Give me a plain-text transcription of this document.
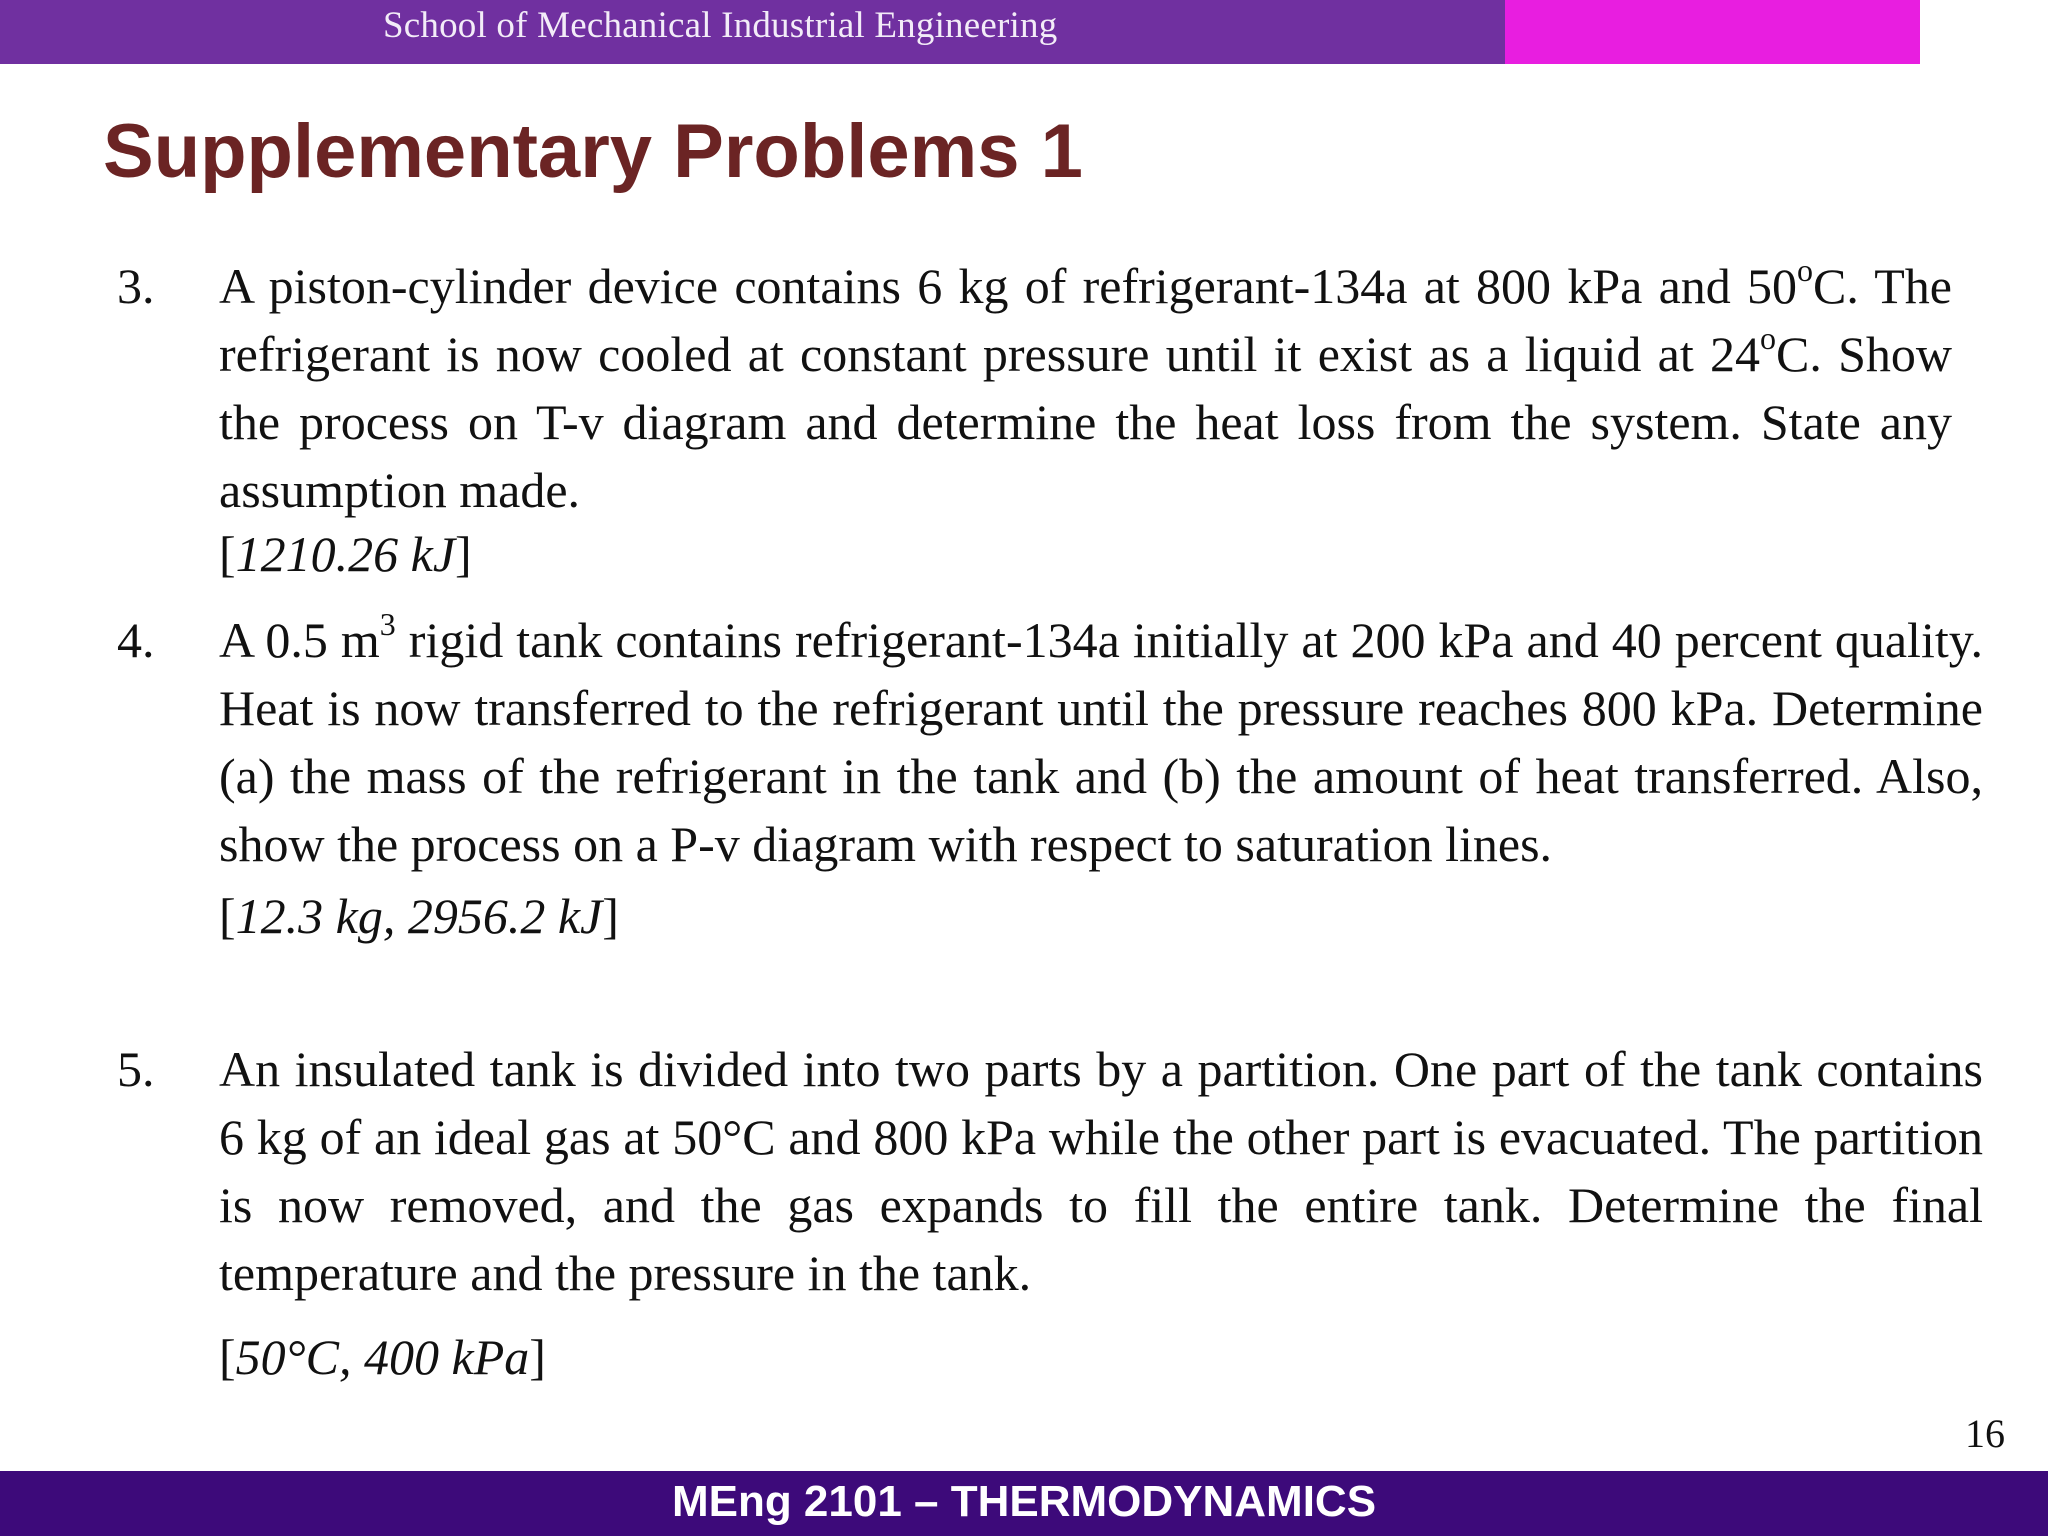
School of Mechanical Industrial Engineering
Supplementary Problems 1
3.	A piston-cylinder device contains 6 kg of refrigerant-134a at 800 kPa and 50$^o$C. The refrigerant is now cooled at constant pressure until it exist as a liquid at 24$^o$C. Show the process on T-v diagram and determine the heat loss from the system. State any assumption made.

[1210.26 kJ]

4.	A 0.5 $m^3$ rigid tank contains refrigerant-134a initially at 200 kPa and 40 percent quality. Heat is now transferred to the refrigerant until the pressure reaches 800 kPa. Determine (a) the mass of the refrigerant in the tank and (b) the amount of heat transferred. Also, show the process on a P-v diagram with respect to saturation lines.

[12.3 kg, 2956.2 kJ]

5.	An insulated tank is divided into two parts by a partition. One part of the tank contains 6 kg of an ideal gas at 50°C and 800 kPa while the other part is evacuated. The partition is now removed, and the gas expands to fill the entire tank. Determine the final temperature and the pressure in the tank.

[50°C, 400 kPa]

16
MEng 2101 – THERMODYNAMICS
